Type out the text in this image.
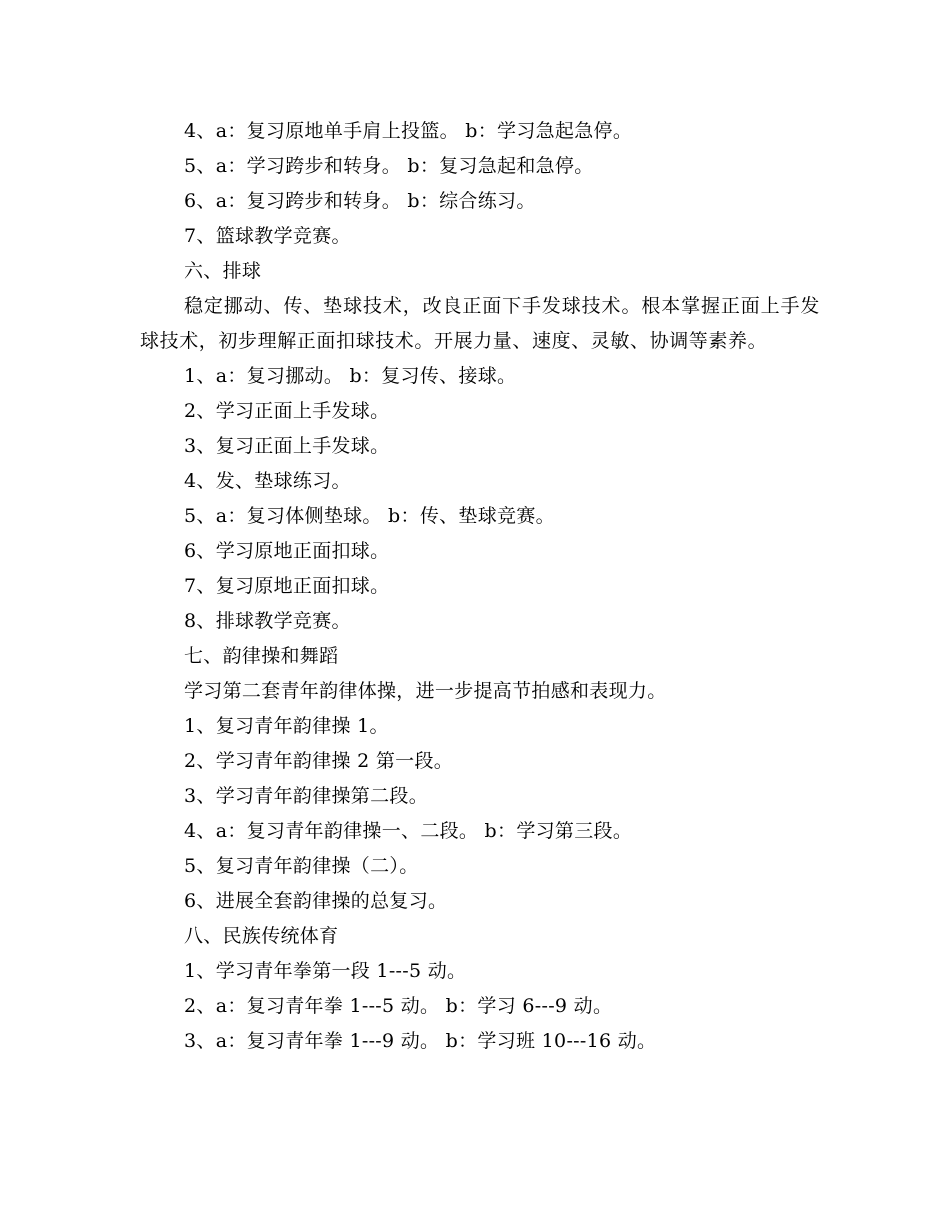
4、a：复习原地单手肩上投篮。 b：学习急起急停。
5、a：学习跨步和转身。 b：复习急起和急停。
6、a：复习跨步和转身。 b：综合练习。
7、篮球教学竞赛。
六、排球

稳定挪动、传、垫球技术，改良正面下手发球技术。根本掌握正面上手发球技术，初步理解正面扣球技术。开展力量、速度、灵敏、协调等素养。

1、a：复习挪动。 b：复习传、接球。
2、学习正面上手发球。
3、复习正面上手发球。
4、发、垫球练习。
5、a：复习体侧垫球。 b：传、垫球竞赛。
6、学习原地正面扣球。
7、复习原地正面扣球。
8、排球教学竞赛。
七、韵律操和舞蹈
学习第二套青年韵律体操，进一步提高节拍感和表现力。
1、复习青年韵律操 1。
2、学习青年韵律操 2 第一段。
3、学习青年韵律操第二段。
4、a：复习青年韵律操一、二段。 b：学习第三段。
5、复习青年韵律操（二）。
6、进展全套韵律操的总复习。
八、民族传统体育
1、学习青年拳第一段 1---5 动。
2、a：复习青年拳 1---5 动。 b：学习 6---9 动。
3、a：复习青年拳 1---9 动。 b：学习班 10---16 动。
